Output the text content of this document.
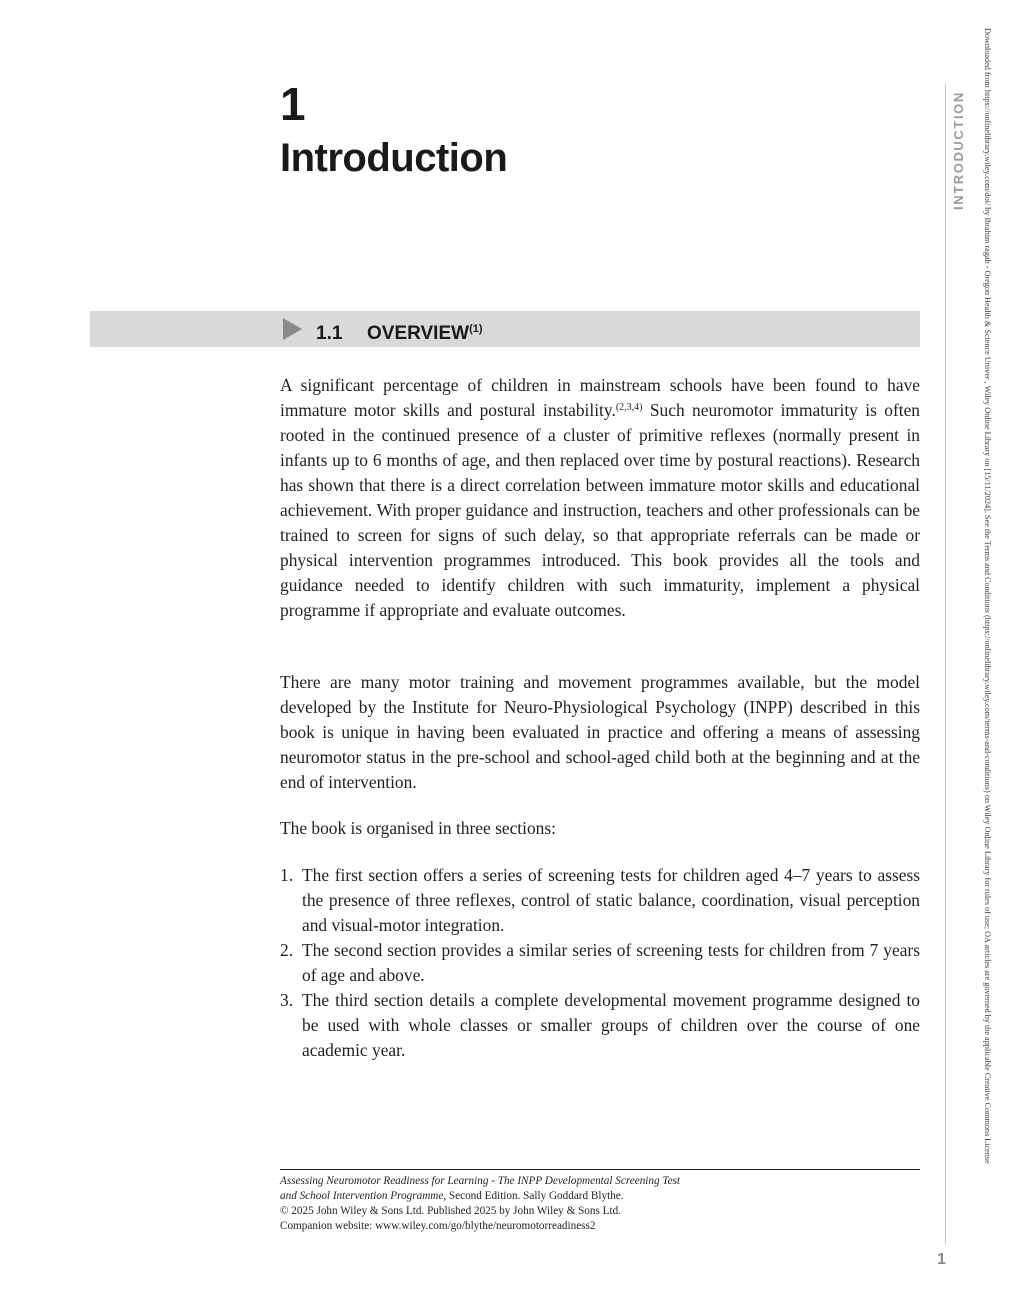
1
Introduction
1.1 OVERVIEW$^{(1)}$
A significant percentage of children in mainstream schools have been found to have immature motor skills and postural instability.$^{(2,3,4)}$ Such neuromotor immaturity is often rooted in the continued presence of a cluster of primitive reflexes (normally present in infants up to 6 months of age, and then replaced over time by postural reactions). Research has shown that there is a direct correlation between immature motor skills and educational achievement. With proper guidance and instruction, teachers and other professionals can be trained to screen for signs of such delay, so that appropriate referrals can be made or physical intervention programmes introduced. This book provides all the tools and guidance needed to identify children with such immaturity, implement a physical programme if appropriate and evaluate outcomes.
There are many motor training and movement programmes available, but the model developed by the Institute for Neuro-Physiological Psychology (INPP) described in this book is unique in having been evaluated in practice and offering a means of assessing neuromotor status in the pre-school and school-aged child both at the beginning and at the end of intervention.
The book is organised in three sections:
1. The first section offers a series of screening tests for children aged 4–7 years to assess the presence of three reflexes, control of static balance, coordination, visual perception and visual-motor integration.
2. The second section provides a similar series of screening tests for children from 7 years of age and above.
3. The third section details a complete developmental movement programme designed to be used with whole classes or smaller groups of children over the course of one academic year.
Assessing Neuromotor Readiness for Learning - The INPP Developmental Screening Test
and School Intervention Programme, Second Edition. Sally Goddard Blythe.
© 2025 John Wiley & Sons Ltd. Published 2025 by John Wiley & Sons Ltd.
Companion website: www.wiley.com/go/blythe/neuromotorreadiness2
INTRODUCTION
1
Downloaded from https://onlinelibrary.wiley.com/doi/ by Ibrahim ragab - Oregon Health & Science Univer , Wiley Online Library on [15/11/2024]. See the Terms and Conditions (https://onlinelibrary.wiley.com/terms-and-conditions) on Wiley Online Library for rules of use; OA articles are governed by the applicable Creative Commons License
